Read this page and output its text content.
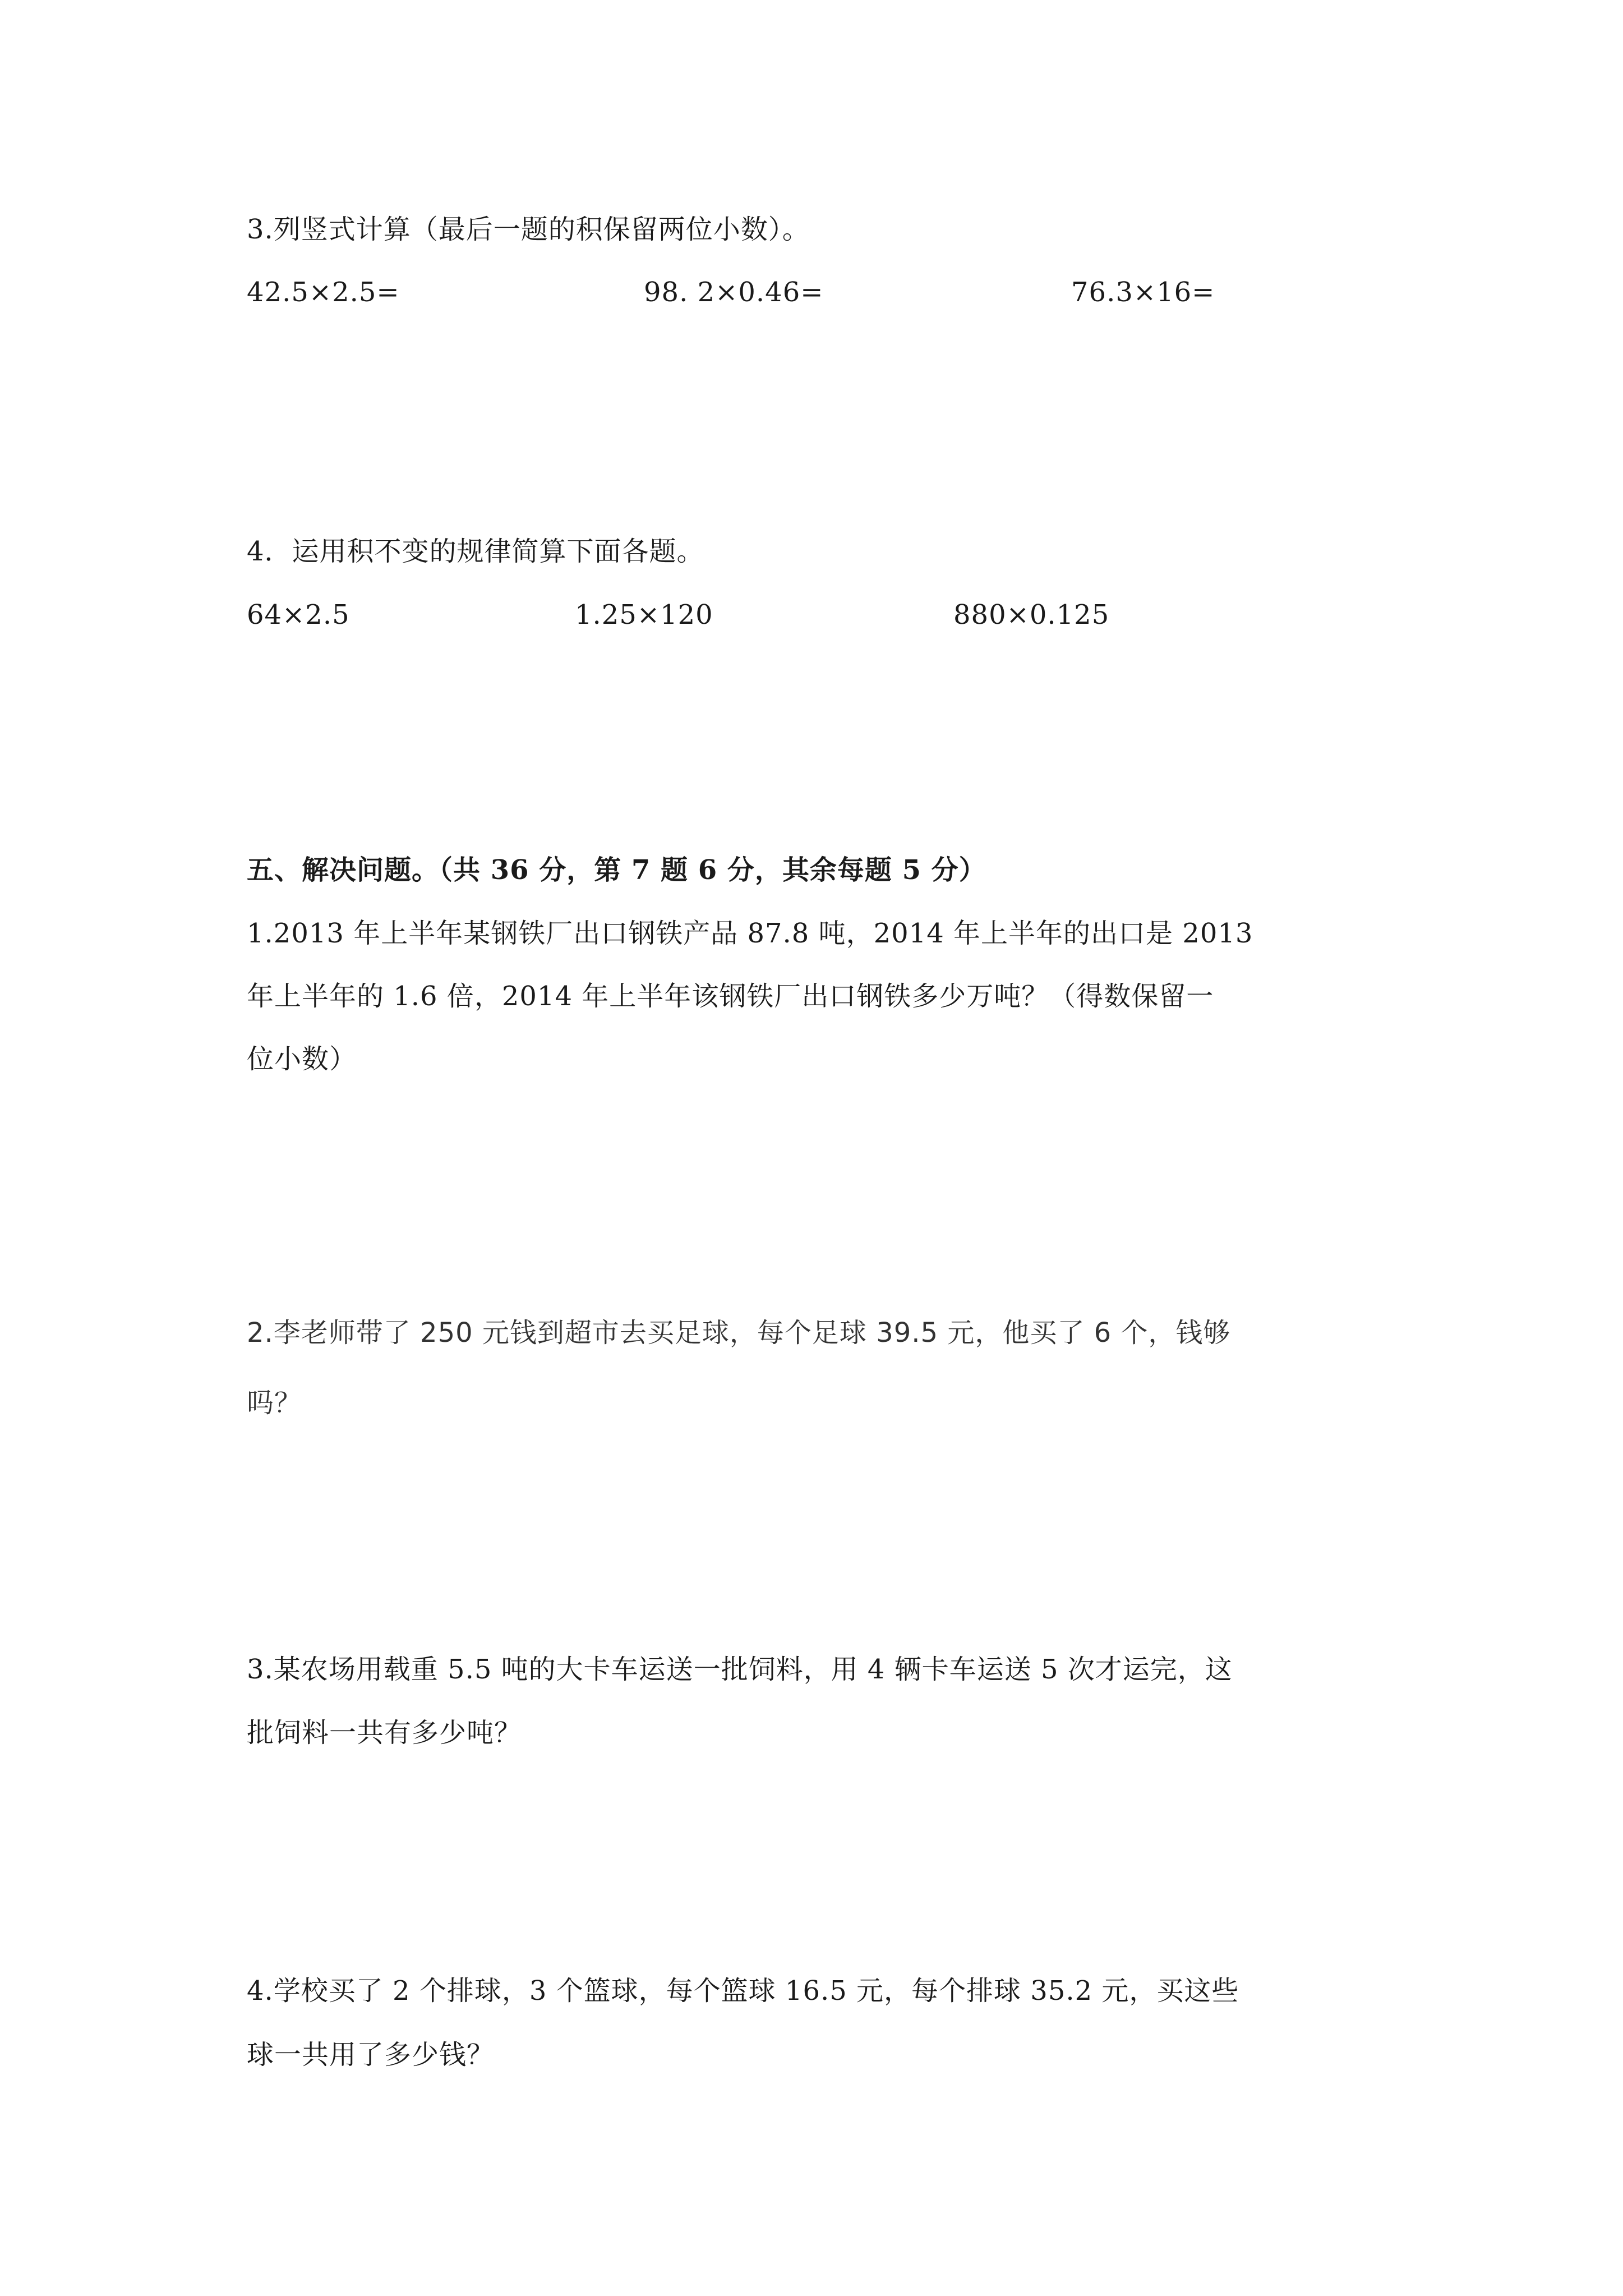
3.列竖式计算（最后一题的积保留两位小数）。
42.5×2.5=	98. 2×0.46=	76.3×16=
4．运用积不变的规律简算下面各题。
64×2.5	1.25×120	880×0.125
五、解决问题。（共 36 分，第 7 题 6 分，其余每题 5 分）
1.2013 年上半年某钢铁厂出口钢铁产品 87.8 吨，2014 年上半年的出口是 2013
年上半年的 1.6 倍，2014 年上半年该钢铁厂出口钢铁多少万吨？（得数保留一
位小数）
2.李老师带了 250 元钱到超市去买足球，每个足球 39.5 元，他买了 6 个，钱够
吗？
3.某农场用载重 5.5 吨的大卡车运送一批饲料，用 4 辆卡车运送 5 次才运完，这
批饲料一共有多少吨？
4.学校买了 2 个排球，3 个篮球，每个篮球 16.5 元，每个排球 35.2 元，买这些
球一共用了多少钱？
